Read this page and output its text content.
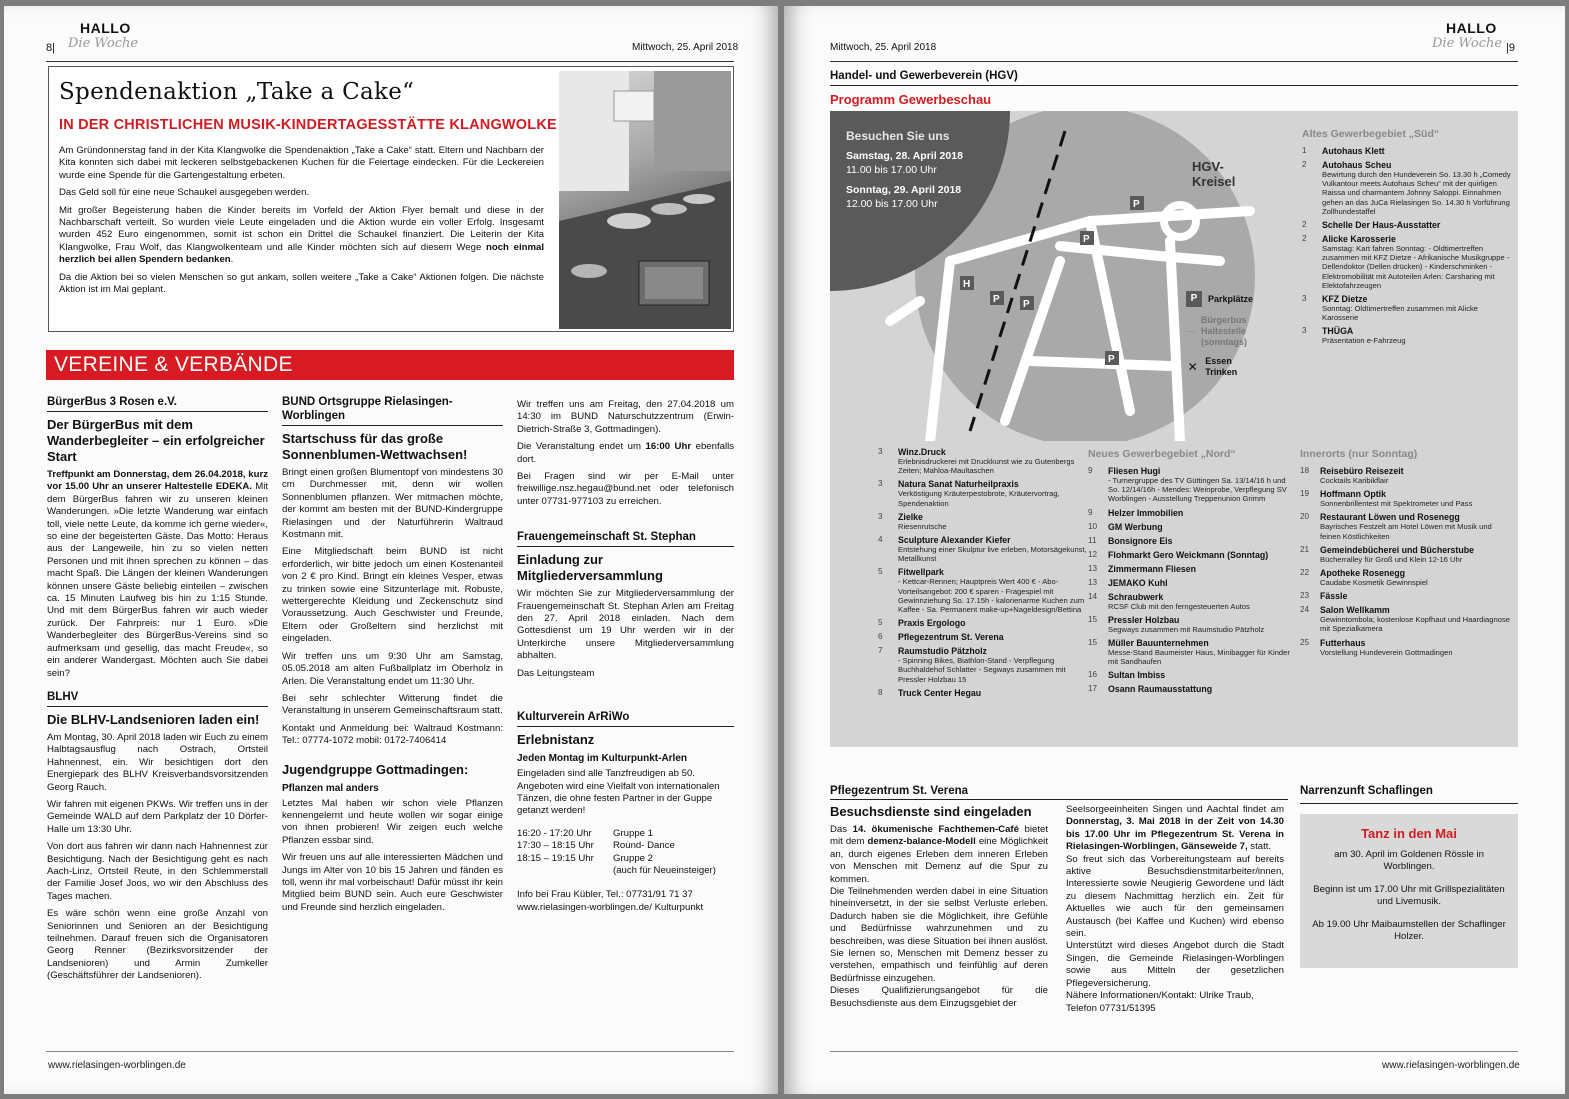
8|
HALLO
Die Woche	Mittwoch, 25. April 2018
Spendenaktion „Take a Cake“
IN DER CHRISTLICHEN MUSIK-KINDERTAGESSTÄTTE KLANGWOLKE

Am Gründonnerstag fand in der Kita Klangwolke die Spendenaktion „Take a Cake“ statt. Eltern und Nachbarn der Kita konnten sich dabei mit leckeren selbstgebackenen Kuchen für die Feiertage eindecken. Für die Leckereien wurde eine Spende für die Gartengestaltung erbeten.

Das Geld soll für eine neue Schaukel ausgegeben werden.

Mit großer Begeisterung haben die Kinder bereits im Vorfeld der Aktion Flyer bemalt und diese in der Nachbarschaft verteilt. So wurden viele Leute eingeladen und die Aktion wurde ein voller Erfolg. Insgesamt wurden 452 Euro eingenommen, somit ist schon ein Drittel die Schaukel finanziert. Die Leiterin der Kita Klangwolke, Frau Wolf, das Klangwolkenteam und alle Kinder möchten sich auf diesem Wege noch einmal herzlich bei allen Spendern bedanken.

Da die Aktion bei so vielen Menschen so gut ankam, sollen weitere „Take a Cake“ Aktionen folgen. Die nächste Aktion ist im Mai geplant.

VEREINE & VERBÄNDE
BürgerBus 3 Rosen e.V.
Der BürgerBus mit dem Wanderbegleiter – ein erfolgreicher Start

Treffpunkt am Donnerstag, dem 26.04.2018, kurz vor 15.00 Uhr an unserer Haltestelle EDEKA. Mit dem BürgerBus fahren wir zu unseren kleinen Wanderungen. »Die letzte Wanderung war einfach toll, viele nette Leute, da komme ich gerne wieder«, so eine der begeisterten Gäste. Das Motto: Heraus aus der Langeweile, hin zu so vielen netten Personen und mit ihnen sprechen zu können – das macht Spaß. Die Längen der kleinen Wanderungen können unsere Gäste beliebig einteilen – zwischen ca. 15 Minuten Laufweg bis hin zu 1:15 Stunde. Und mit dem BürgerBus fahren wir auch wieder zurück. Der Fahrpreis: nur 1 Euro. »Die Wanderbegleiter des BürgerBus-Vereins sind so aufmerksam und gesellig, das macht Freude«, so ein anderer Wandergast. Möchten auch Sie dabei sein?

BLHV
Die BLHV-Landsenioren laden ein!

Am Montag, 30. April 2018 laden wir Euch zu einem Halbtagsausflug nach Ostrach, Ortsteil Hahnennest, ein. Wir besichtigen dort den Energiepark des BLHV Kreisverbandsvorsitzenden Georg Rauch.

Wir fahren mit eigenen PKWs. Wir treffen uns in der Gemeinde WALD auf dem Parkplatz der 10 Dörfer-Halle um 13:30 Uhr.

Von dort aus fahren wir dann nach Hahnennest zur Besichtigung. Nach der Besichtigung geht es nach Aach-Linz, Ortsteil Reute, in den Schlemmerstall der Familie Josef Joos, wo wir den Abschluss des Tages machen.

Es wäre schön wenn eine große Anzahl von Seniorinnen und Senioren an der Besichtigung teilnehmen. Darauf freuen sich die Organisatoren Georg Renner (Bezirksvorsitzender der Landsenioren) und Armin Zumkeller (Geschäftsführer der Landsenioren).

BUND Ortsgruppe Rielasingen-Worblingen
Startschuss für das große Sonnenblumen-Wettwachsen!

Bringt einen großen Blumentopf von mindestens 30 cm Durchmesser mit, denn wir wollen Sonnenblumen pflanzen. Wer mitmachen möchte, der kommt am besten mit der BUND-Kindergruppe Rielasingen und der Naturführerin Waltraud Kostmann mit.

Eine Mitgliedschaft beim BUND ist nicht erforderlich, wir bitte jedoch um einen Kostenanteil von 2 € pro Kind. Bringt ein kleines Vesper, etwas zu trinken sowie eine Sitzunterlage mit. Robuste, wettergerechte Kleidung und Zeckenschutz sind Voraussetzung. Auch Geschwister und Freunde, Eltern oder Großeltern sind herzlichst mit eingeladen.

Wir treffen uns um 9:30 Uhr am Samstag, 05.05.2018 am alten Fußballplatz im Oberholz in Arlen. Die Veranstaltung endet um 11:30 Uhr.

Bei sehr schlechter Witterung findet die Veranstaltung in unserem Gemeinschaftsraum statt.

Kontakt und Anmeldung bei: Waltraud Kostmann: Tel.: 07774-1072 mobil: 0172-7406414

Jugendgruppe Gottmadingen:
Pflanzen mal anders

Letztes Mal haben wir schon viele Pflanzen kennengelernt und heute wollen wir sogar einige von ihnen probieren! Wir zeigen euch welche Pflanzen essbar sind.

Wir freuen uns auf alle interessierten Mädchen und Jungs im Alter von 10 bis 15 Jahren und fänden es toll, wenn ihr mal vorbeischaut! Dafür müsst ihr kein Mitglied beim BUND sein. Auch eure Geschwister und Freunde sind herzlich eingeladen.

Wir treffen uns am Freitag, den 27.04.2018 um 14:30 im BUND Naturschutzzentrum (Erwin-Dietrich-Straße 3, Gottmadingen).

Die Veranstaltung endet um 16:00 Uhr ebenfalls dort.

Bei Fragen sind wir per E-Mail unter freiwillige.nsz.hegau@bund.net oder telefonisch unter 07731-977103 zu erreichen.

Frauengemeinschaft St. Stephan
Einladung zur Mitgliederversammlung

Wir möchten Sie zur Mitgliederversammlung der Frauengemeinschaft St. Stephan Arlen am Freitag den 27. April 2018 einladen. Nach dem Gottesdienst um 19 Uhr werden wir in der Unterkirche unsere Mitgliederversammlung abhalten.

Das Leitungsteam

Kulturverein ArRiWo
Erlebnistanz
Jeden Montag im Kulturpunkt-Arlen

Eingeladen sind alle Tanzfreudigen ab 50. Angeboten wird eine Vielfalt von internationalen Tänzen, die ohne festen Partner in der Guppe getanzt werden!

16:20 - 17:20 Uhr	Gruppe 1
17:30 – 18:15 Uhr	Round- Dance
18:15 – 19:15 Uhr	Gruppe 2
(auch für Neueinsteiger)

Info bei Frau Kübler, Tel.: 07731/91 71 37

www.rielasingen-worblingen.de/ Kulturpunkt

www.rielasingen-worblingen.de
Mittwoch, 25. April 2018
HALLO
Die Woche |9
Handel- und Gewerbeverein (HGV)
Programm Gewerbeschau
P
P
P P
P
H
Besuchen Sie uns
Samstag, 28. April 2018
11.00 bis 17.00 Uhr
Sonntag, 29. April 2018
12.00 bis 17.00 Uhr
HGV-Kreisel
P	Parkplätze
⋯
Bürgerbus Haltestelle (sonntags)
✕ Essen Trinken
Altes Gewerbegebiet „Süd“
1	Autohaus Klett
2	Autohaus Scheu
Bewirtung durch den Hundeverein So. 13.30 h „Comedy Vulkantour meets Autohaus Scheu“ mit der quirligen Raissa und charmantem Johnny Saloppi. Einnahmen gehen an das JuCa Rielasingen So. 14.30 h Vorführung Zollhundestaffel
2	Schelle Der Haus-Ausstatter
2	Alicke Karosserie
Samstag: Kart fahren Sonntag: - Oldtimertreffen zusammen mit KFZ Dietze - Afrikanische Musikgruppe - Dellendoktor (Dellen drücken) - Kinderschminken - Elektromobilität mit Autoteilen Arlen: Carsharing mit Elektofahrzeugen
3	KFZ Dietze
Sonntag: Oldtimertreffen zusammen mit Alicke Karosserie
3	THÜGA
Präsentation e-Fahrzeug
3	Winz.Druck
Erlebnisdruckerei mit Druckkunst wie zu Gutenbergs Zeiten; Mahloa-Maultaschen
3	Natura Sanat Naturheilpraxis
Verköstigung Kräuterpestobrote, Kräutervortrag, Spendenaktion
3	Zielke
Riesenrutsche
4	Sculpture Alexander Kiefer
Entstehung einer Skulptur live erleben, Motorsägekunst, Metallkunst
5	Fitwellpark
- Kettcar-Rennen; Hauptpreis Wert 400 € - Abo-Vorteilsangebot: 200 € sparen - Fragespiel mit Gewinnziehung So. 17.15h - kalorienarme Kuchen zum Kaffee - Sa. Permanent make-up+Nageldesign/Bettina
5	Praxis Ergologo
6	Pflegezentrum St. Verena
7	Raumstudio Pätzholz
- Spinning Bikes, Biathlon-Stand - Verpflegung Buchhaldehof Schlatter - Segways zusammen mit Pressler Holzbau 15
8	Truck Center Hegau
Neues Gewerbegebiet „Nord“
9	Fliesen Hugi
- Turnergruppe des TV Güttingen Sa. 13/14/16 h und So. 12/14/16h - Mendes: Weinprobe, Verpflegung SV Worblingen - Ausstellung Treppenunion Grimm
9	Helzer Immobilien
10	GM Werbung
11	Bonsignore Eis
12	Flohmarkt Gero Weickmann (Sonntag)
13	Zimmermann Fliesen
13	JEMAKO Kuhl
14	Schraubwerk
RCSF Club mit den ferngesteuerten Autos
15	Pressler Holzbau
Segways zusammen mit Raumstudio Pätzholz
15	Müller Bauunternehmen
Messe-Stand Baumeister Haus, Minibagger für Kinder mit Sandhaufen
16	Sultan Imbiss
17	Osann Raumausstattung
Innerorts (nur Sonntag)
18	Reisebüro Reisezeit
Cocktails Karibikflair
19	Hoffmann Optik
Sonnenbrillentest mit Spektrometer und Pass
20	Restaurant Löwen und Rosenegg
Bayrisches Festzelt am Hotel Löwen mit Musik und feinen Köstlichkeiten
21	Gemeindebücherei und Bücherstube
Bücherralley für Groß und Klein 12-16 Uhr
22	Apotheke Rosenegg
Caudabe Kosmetik Gewinnspiel
23	Fässle
24	Salon Wellkamm
Gewinntombola; kostenlose Kopfhaut und Haardiagnose mit Spezialkamera
25	Futterhaus
Vorstellung Hundeverein Gottmadingen
Pflegezentrum St. Verena
Besuchsdienste sind eingeladen

Das 14. ökumenische Fachthemen-Café bietet mit dem demenz-balance-Modell eine Möglichkeit an, durch eigenes Erleben dem inneren Erleben von Menschen mit Demenz auf die Spur zu kommen.

Die Teilnehmenden werden dabei in eine Situation hineinversetzt, in der sie selbst Verluste erleben. Dadurch haben sie die Möglichkeit, ihre Gefühle und Bedürfnisse wahrzunehmen und zu beschreiben, was diese Situation bei ihnen auslöst. Sie lernen so, Menschen mit Demenz besser zu verstehen, empathisch und feinfühlig auf deren Bedürfnisse einzugehen.

Dieses Qualifizierungsangebot für die Besuchsdienste aus dem Einzugsgebiet der

Seelsorgeeinheiten Singen und Aachtal findet am Donnerstag, 3. Mai 2018 in der Zeit von 14.30 bis 17.00 Uhr im Pflegezentrum St. Verena in Rielasingen-Worblingen, Gänseweide 7, statt.

So freut sich das Vorbereitungsteam auf bereits aktive Besuchsdienstmitarbeiter/innen, Interessierte sowie Neugierig Gewordene und lädt zu diesem Nachmittag herzlich ein. Zeit für Aktuelles wie auch für den gemeinsamen Austausch (bei Kaffee und Kuchen) wird ebenso sein.

Unterstützt wird dieses Angebot durch die Stadt Singen, die Gemeinde Rielasingen-Worblingen sowie aus Mitteln der gesetzlichen Pflegeversicherung.

Nähere Informationen/Kontakt: Ulrike Traub, Telefon 07731/51395

Narrenzunft Schaflingen
Tanz in den Mai

am 30. April im Goldenen Rössle in Worblingen.

Beginn ist um 17.00 Uhr mit Grillspezialitäten und Livemusik.

Ab 19.00 Uhr Maibaumstellen der Schaflinger Holzer.

www.rielasingen-worblingen.de
